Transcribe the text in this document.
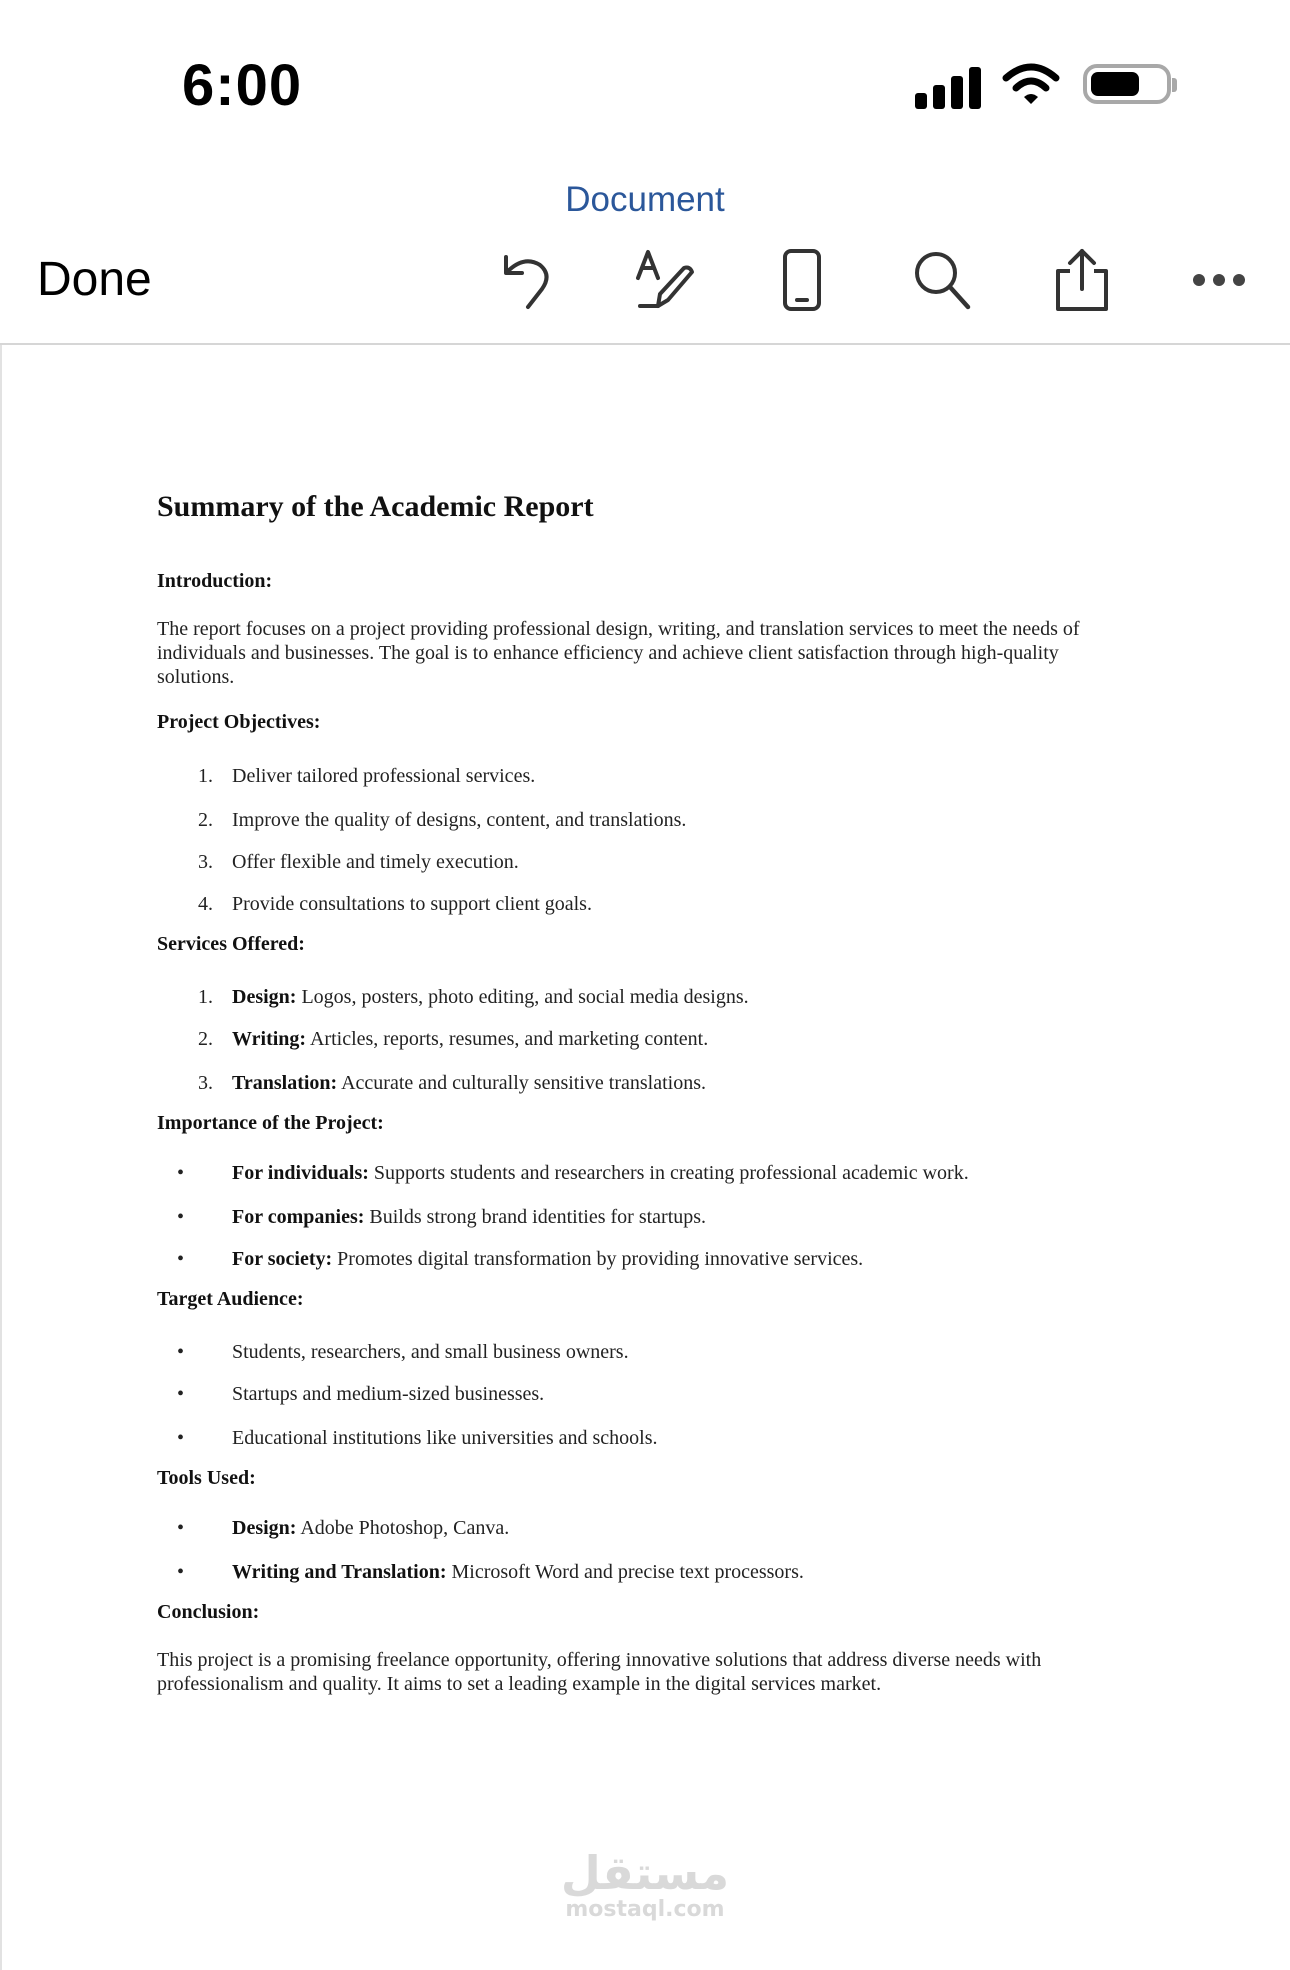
6:00
Document
Done
Summary of the Academic Report
Introduction:

The report focuses on a project providing professional design, writing, and translation services to meet the needs of individuals and businesses. The goal is to enhance efficiency and achieve client satisfaction through high-quality solutions.

Project Objectives:
1. Deliver tailored professional services.
2. Improve the quality of designs, content, and translations.
3. Offer flexible and timely execution.
4. Provide consultations to support client goals.
Services Offered:
1. Design: Logos, posters, photo editing, and social media designs.
2. Writing: Articles, reports, resumes, and marketing content.
3. Translation: Accurate and culturally sensitive translations.
Importance of the Project:
• For individuals: Supports students and researchers in creating professional academic work.
• For companies: Builds strong brand identities for startups.
• For society: Promotes digital transformation by providing innovative services.
Target Audience:
• Students, researchers, and small business owners.
• Startups and medium-sized businesses.
• Educational institutions like universities and schools.
Tools Used:
• Design: Adobe Photoshop, Canva.
• Writing and Translation: Microsoft Word and precise text processors.
Conclusion:

This project is a promising freelance opportunity, offering innovative solutions that address diverse needs with professionalism and quality. It aims to set a leading example in the digital services market.

مستقل
mostaql.com
